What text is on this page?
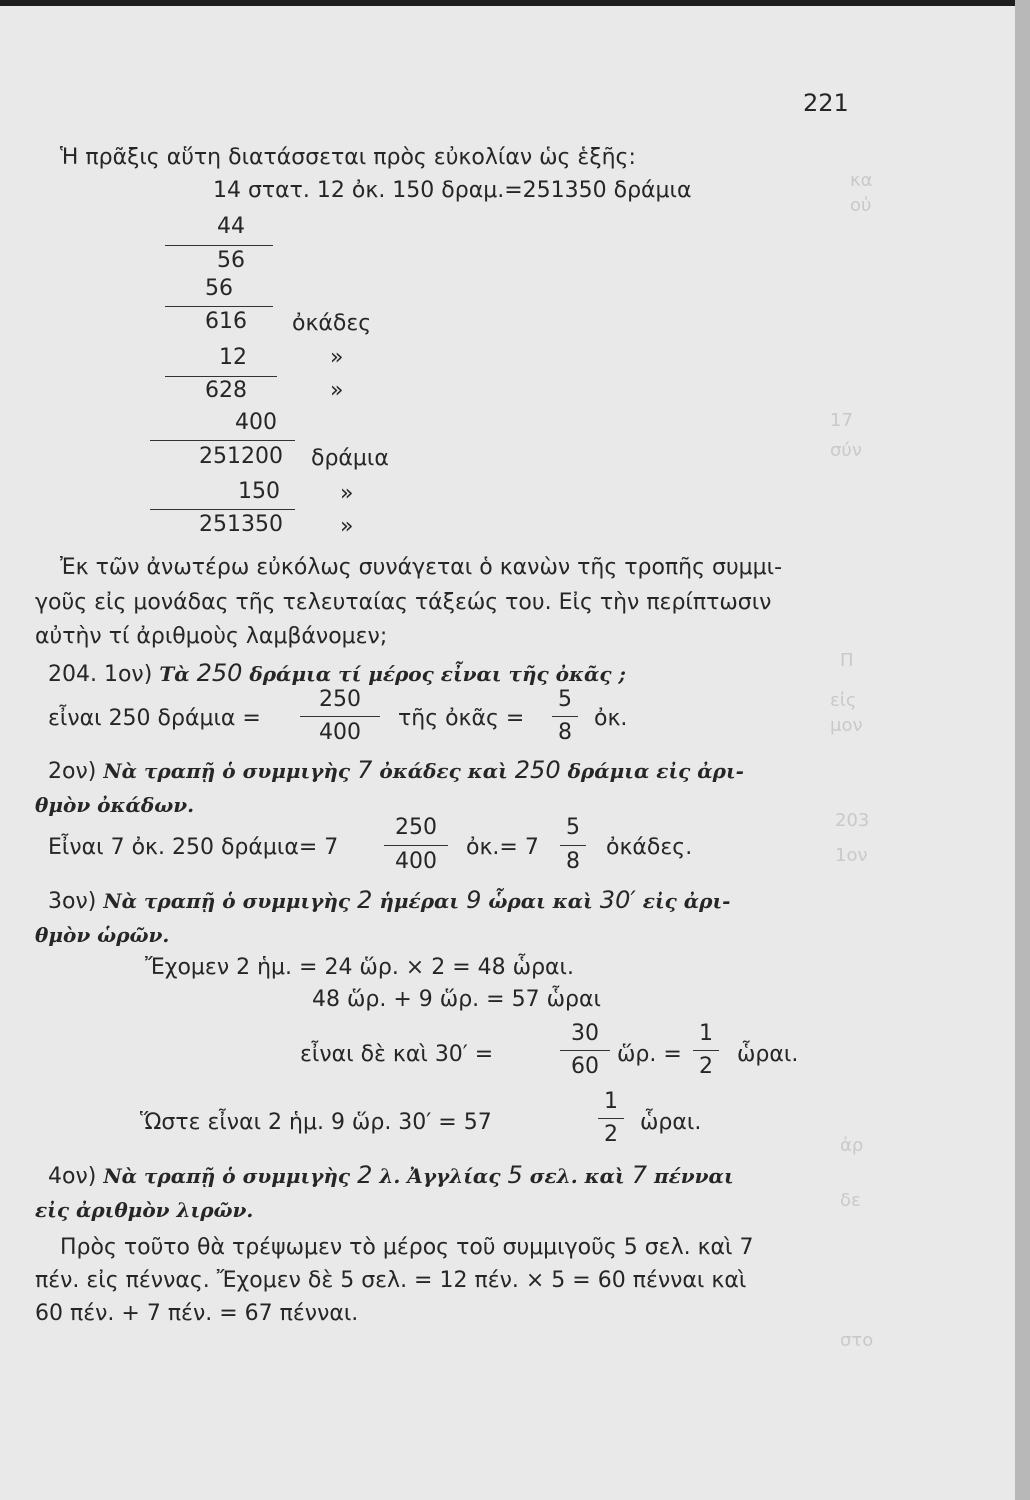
κα
οὐ
17
σύν
Π
εἰς
μον
203
1ον
ἀρ
δε
στο
221
Ἡ πρᾶξις αὕτη διατάσσεται πρὸς εὐκολίαν ὡς ἑξῆς:
14 στατ. 12 ὀκ. 150 δραμ.=251350 δράμια
44
56
56
616 ὀκάδες
12	»
628	»
400
251200 δράμια
150	»
251350	»
Ἐκ τῶν ἀνωτέρω εὐκόλως συνάγεται ὁ κανὼν τῆς τροπῆς συμμι-
γοῦς εἰς μονάδας τῆς τελευταίας τάξεώς του. Εἰς τὴν περίπτωσιν
αὐτὴν τί ἀριθμοὺς λαμβάνομεν;
204. 1ον) Τὰ 250 δράμια τί μέρος εἶναι τῆς ὀκᾶς ;
εἶναι 250 δράμια =
250
400
τῆς ὀκᾶς =
5
8
ὀκ.
2ον) Νὰ τραπῇ ὁ συμμιγὴς 7 ὀκάδες καὶ 250 δράμια εἰς ἀρι-
θμὸν ὀκάδων.
Εἶναι 7 ὀκ. 250 δράμια= 7
250
400
ὀκ.= 7
5
8
ὀκάδες.
3ον) Νὰ τραπῇ ὁ συμμιγὴς 2 ἡμέραι 9 ὧραι καὶ 30′ εἰς ἀρι-
θμὸν ὡρῶν.
Ἔχομεν 2 ἡμ. = 24 ὥρ. × 2 = 48 ὧραι.
48 ὥρ. + 9 ὥρ. = 57 ὧραι
εἶναι δὲ καὶ 30′ =
30
60 ὥρ. =
1
2 ὧραι.
Ὥστε εἶναι 2 ἡμ. 9 ὥρ. 30′ = 57
1
2 ὧραι.
4ον) Νὰ τραπῇ ὁ συμμιγὴς 2 λ. Ἀγγλίας 5 σελ. καὶ 7 πένναι
εἰς ἀριθμὸν λιρῶν.
Πρὸς τοῦτο θὰ τρέψωμεν τὸ μέρος τοῦ συμμιγοῦς 5 σελ. καὶ 7
πέν. εἰς πέννας. Ἔχομεν δὲ 5 σελ. = 12 πέν. × 5 = 60 πένναι καὶ
60 πέν. + 7 πέν. = 67 πένναι.
